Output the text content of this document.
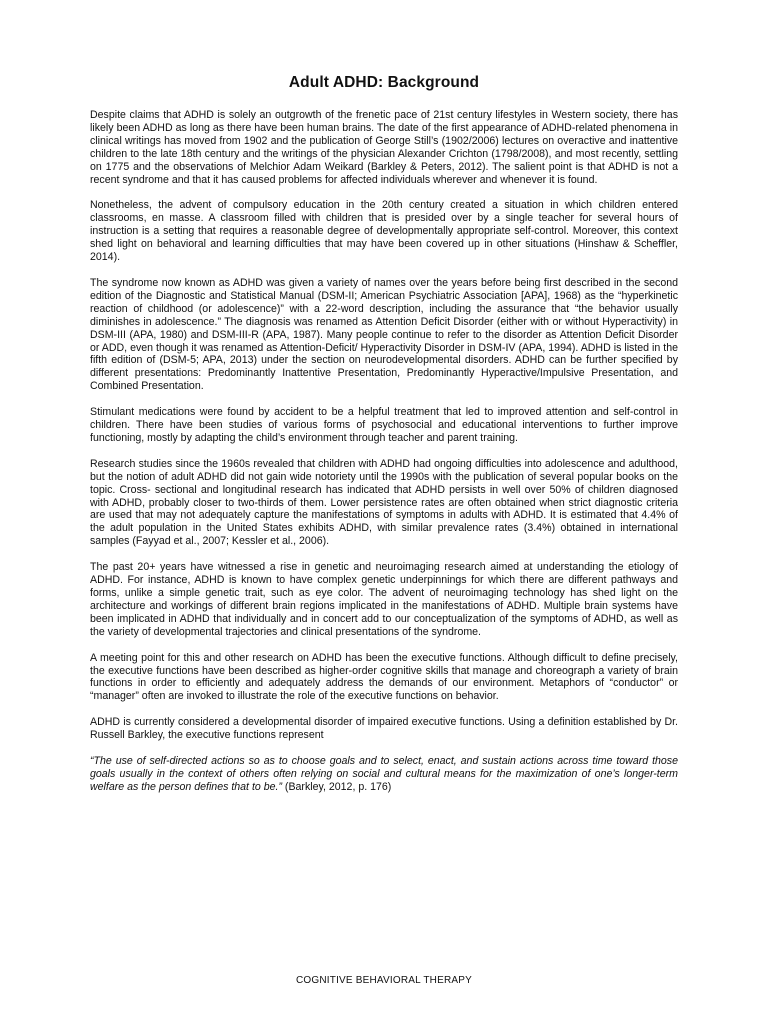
Adult ADHD: Background

Despite claims that ADHD is solely an outgrowth of the frenetic pace of 21st century lifestyles in Western society, there has likely been ADHD as long as there have been human brains. The date of the first appearance of ADHD-related phenomena in clinical writings has moved from 1902 and the publication of George Still’s (1902/2006) lectures on overactive and inattentive children to the late 18th century and the writings of the physician Alexander Crichton (1798/2008), and most recently, settling on 1775 and the observations of Melchior Adam Weikard (Barkley & Peters, 2012). The salient point is that ADHD is not a recent syndrome and that it has caused problems for affected individuals wherever and whenever it is found.

Nonetheless, the advent of compulsory education in the 20th century created a situation in which children entered classrooms, en masse. A classroom filled with children that is presided over by a single teacher for several hours of instruction is a setting that requires a reasonable degree of developmentally appropriate self-control. Moreover, this context shed light on behavioral and learning difficulties that may have been covered up in other situations (Hinshaw & Scheffler, 2014).

The syndrome now known as ADHD was given a variety of names over the years before being first described in the second edition of the Diagnostic and Statistical Manual (DSM-II; American Psychiatric Association [APA], 1968) as the “hyperkinetic reaction of childhood (or adolescence)” with a 22-word description, including the assurance that “the behavior usually diminishes in adolescence.” The diagnosis was renamed as Attention Deficit Disorder (either with or without Hyperactivity) in DSM-III (APA, 1980) and DSM-III-R (APA, 1987). Many people continue to refer to the disorder as Attention Deficit Disorder or ADD, even though it was renamed as Attention-Deficit/ Hyperactivity Disorder in DSM-IV (APA, 1994). ADHD is listed in the fifth edition of (DSM-5; APA, 2013) under the section on neurodevelopmental disorders. ADHD can be further specified by different presentations: Predominantly Inattentive Presentation, Predominantly Hyperactive/Impulsive Presentation, and Combined Presentation.

Stimulant medications were found by accident to be a helpful treatment that led to improved attention and self-control in children. There have been studies of various forms of psychosocial and educational interventions to further improve functioning, mostly by adapting the child’s environment through teacher and parent training.

Research studies since the 1960s revealed that children with ADHD had ongoing difficulties into adolescence and adulthood, but the notion of adult ADHD did not gain wide notoriety until the 1990s with the publication of several popular books on the topic. Cross- sectional and longitudinal research has indicated that ADHD persists in well over 50% of children diagnosed with ADHD, probably closer to two-thirds of them. Lower persistence rates are often obtained when strict diagnostic criteria are used that may not adequately capture the manifestations of symptoms in adults with ADHD. It is estimated that 4.4% of the adult population in the United States exhibits ADHD, with similar prevalence rates (3.4%) obtained in international samples (Fayyad et al., 2007; Kessler et al., 2006).

The past 20+ years have witnessed a rise in genetic and neuroimaging research aimed at understanding the etiology of ADHD. For instance, ADHD is known to have complex genetic underpinnings for which there are different pathways and forms, unlike a simple genetic trait, such as eye color. The advent of neuroimaging technology has shed light on the architecture and workings of different brain regions implicated in the manifestations of ADHD. Multiple brain systems have been implicated in ADHD that individually and in concert add to our conceptualization of the symptoms of ADHD, as well as the variety of developmental trajectories and clinical presentations of the syndrome.

A meeting point for this and other research on ADHD has been the executive functions. Although difficult to define precisely, the executive functions have been described as higher-order cognitive skills that manage and choreograph a variety of brain functions in order to efficiently and adequately address the demands of our environment. Metaphors of “conductor” or “manager” often are invoked to illustrate the role of the executive functions on behavior.

ADHD is currently considered a developmental disorder of impaired executive functions. Using a definition established by Dr. Russell Barkley, the executive functions represent

“The use of self-directed actions so as to choose goals and to select, enact, and sustain actions across time toward those goals usually in the context of others often relying on social and cultural means for the maximization of one’s longer-term welfare as the person defines that to be.” (Barkley, 2012, p. 176)

COGNITIVE BEHAVIORAL THERAPY
